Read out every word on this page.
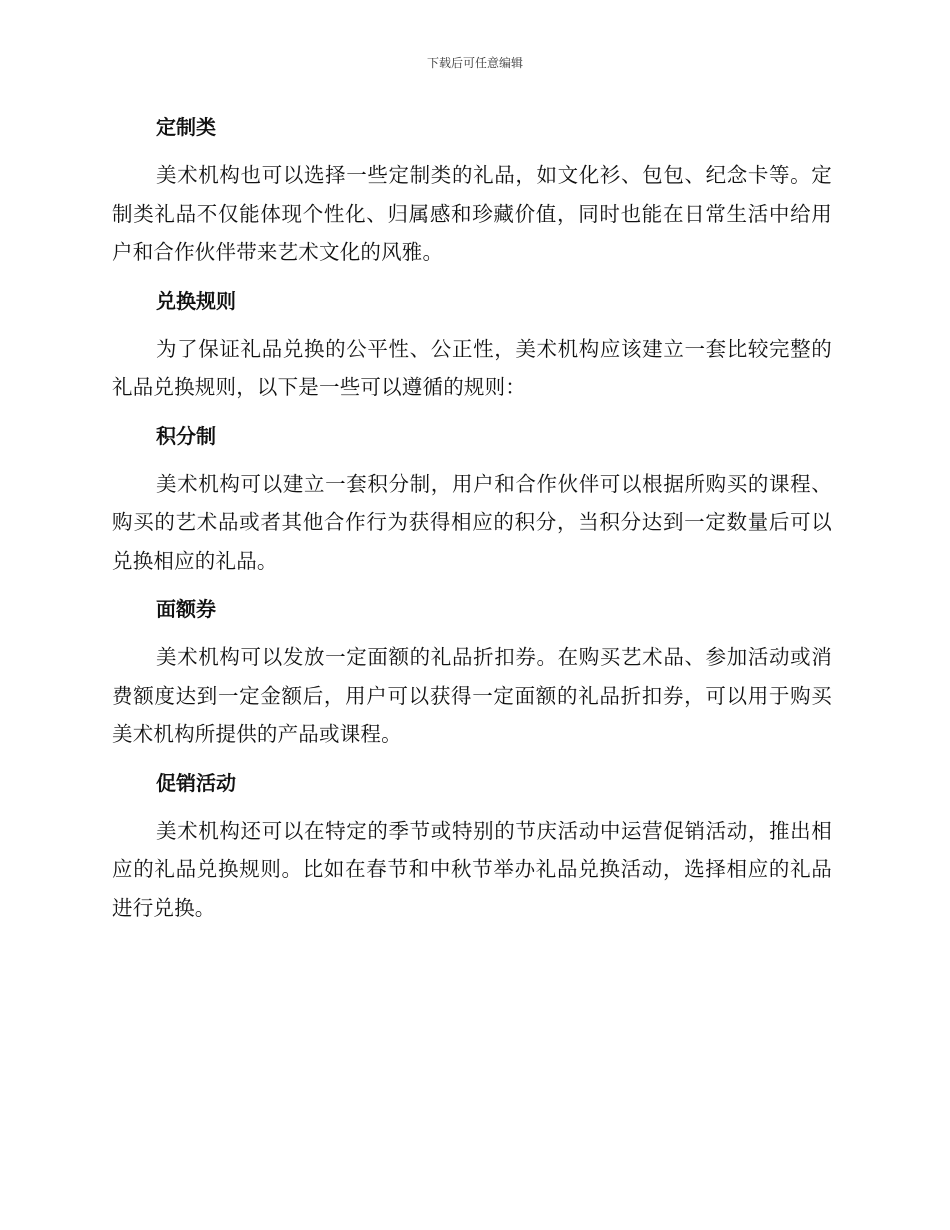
下载后可任意编辑
定制类

美术机构也可以选择一些定制类的礼品，如文化衫、包包、纪念卡等。定制类礼品不仅能体现个性化、归属感和珍藏价值，同时也能在日常生活中给用户和合作伙伴带来艺术文化的风雅。

兑换规则

为了保证礼品兑换的公平性、公正性，美术机构应该建立一套比较完整的礼品兑换规则，以下是一些可以遵循的规则：

积分制

美术机构可以建立一套积分制，用户和合作伙伴可以根据所购买的课程、购买的艺术品或者其他合作行为获得相应的积分，当积分达到一定数量后可以兑换相应的礼品。

面额券

美术机构可以发放一定面额的礼品折扣券。在购买艺术品、参加活动或消费额度达到一定金额后，用户可以获得一定面额的礼品折扣券，可以用于购买美术机构所提供的产品或课程。

促销活动

美术机构还可以在特定的季节或特别的节庆活动中运营促销活动，推出相应的礼品兑换规则。比如在春节和中秋节举办礼品兑换活动，选择相应的礼品进行兑换。
